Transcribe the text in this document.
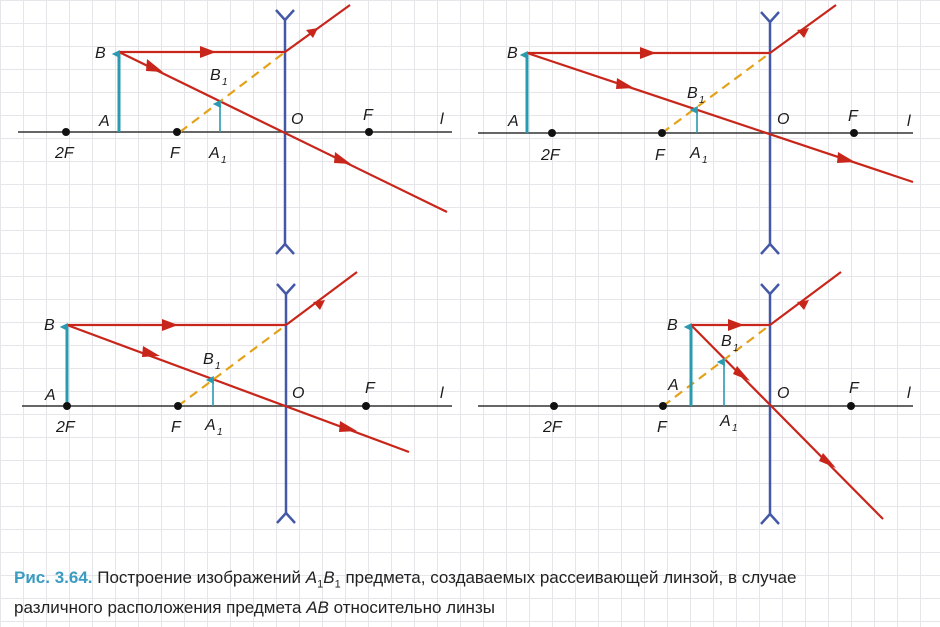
B
A
2F	F
B 1
A 1
O	F	l
B
A
2F	F
B 1
A 1
O	F	l
B
A
2F	F
B 1
A 1
O	F	l
B
A
2F	F
B 1
A 1
O	F	l
Рис. 3.64. Построение изображений $A_1B_1$ предмета, создаваемых рассеивающей линзой, в случае
различного расположения предмета AB относительно линзы
